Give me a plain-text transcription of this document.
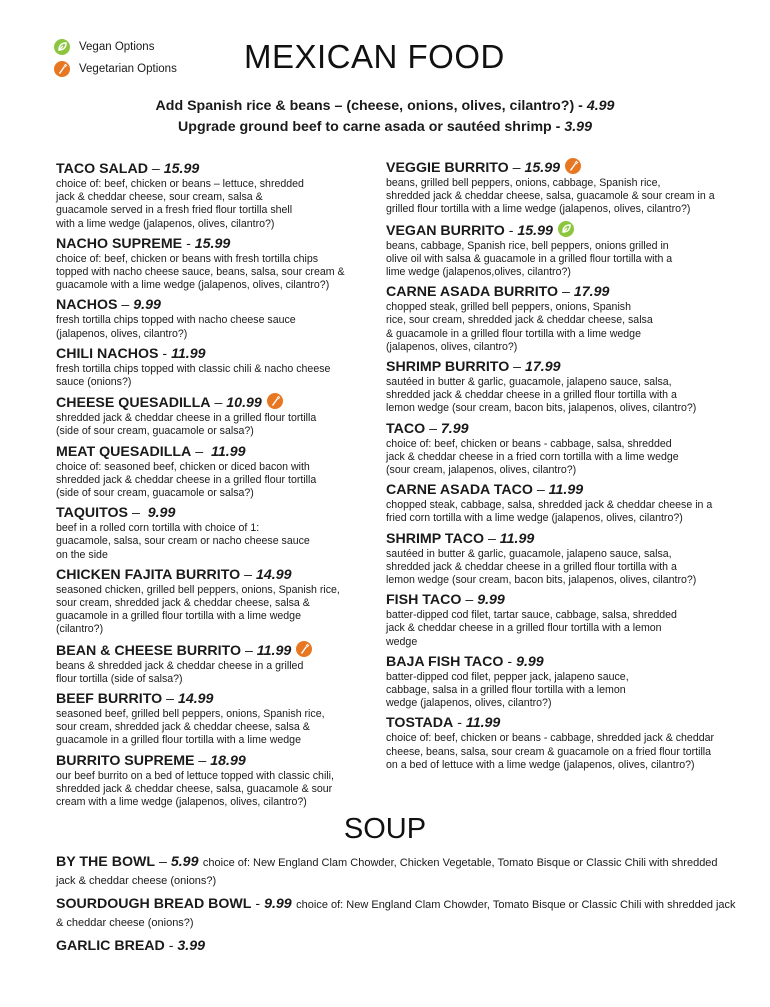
Vegan Options
Vegetarian Options MEXICAN FOOD
Add Spanish rice & beans – (cheese, onions, olives, cilantro?) - 4.99
Upgrade ground beef to carne asada or sautéed shrimp - 3.99
TACO SALAD – 15.99
choice of: beef, chicken or beans – lettuce, shredded
jack & cheddar cheese, sour cream, salsa &
guacamole served in a fresh fried flour tortilla shell
with a lime wedge (jalapenos, olives, cilantro?)
NACHO SUPREME - 15.99
choice of: beef, chicken or beans with fresh tortilla chips
topped with nacho cheese sauce, beans, salsa, sour cream &
guacamole with a lime wedge (jalapenos, olives, cilantro?)
NACHOS – 9.99
fresh tortilla chips topped with nacho cheese sauce
(jalapenos, olives, cilantro?)
CHILI NACHOS - 11.99
fresh tortilla chips topped with classic chili & nacho cheese
sauce (onions?)
CHEESE QUESADILLA – 10.99
shredded jack & cheddar cheese in a grilled flour tortilla
(side of sour cream, guacamole or salsa?)
MEAT QUESADILLA –  11.99
choice of: seasoned beef, chicken or diced bacon with
shredded jack & cheddar cheese in a grilled flour tortilla
(side of sour cream, guacamole or salsa?)
TAQUITOS –  9.99
beef in a rolled corn tortilla with choice of 1:
guacamole, salsa, sour cream or nacho cheese sauce
on the side
CHICKEN FAJITA BURRITO – 14.99
seasoned chicken, grilled bell peppers, onions, Spanish rice,
sour cream, shredded jack & cheddar cheese, salsa &
guacamole in a grilled flour tortilla with a lime wedge
(cilantro?)
BEAN & CHEESE BURRITO – 11.99
beans & shredded jack & cheddar cheese in a grilled
flour tortilla (side of salsa?)
BEEF BURRITO – 14.99
seasoned beef, grilled bell peppers, onions, Spanish rice,
sour cream, shredded jack & cheddar cheese, salsa &
guacamole in a grilled flour tortilla with a lime wedge
BURRITO SUPREME – 18.99
our beef burrito on a bed of lettuce topped with classic chili,
shredded jack & cheddar cheese, salsa, guacamole & sour
cream with a lime wedge (jalapenos, olives, cilantro?)
VEGGIE BURRITO – 15.99
beans, grilled bell peppers, onions, cabbage, Spanish rice,
shredded jack & cheddar cheese, salsa, guacamole & sour cream in a
grilled flour tortilla with a lime wedge (jalapenos, olives, cilantro?)
VEGAN BURRITO - 15.99
beans, cabbage, Spanish rice, bell peppers, onions grilled in
olive oil with salsa & guacamole in a grilled flour tortilla with a
lime wedge (jalapenos,olives, cilantro?)
CARNE ASADA BURRITO – 17.99
chopped steak, grilled bell peppers, onions, Spanish
rice, sour cream, shredded jack & cheddar cheese, salsa
& guacamole in a grilled flour tortilla with a lime wedge
(jalapenos, olives, cilantro?)
SHRIMP BURRITO – 17.99
sautéed in butter & garlic, guacamole, jalapeno sauce, salsa,
shredded jack & cheddar cheese in a grilled flour tortilla with a
lemon wedge (sour cream, bacon bits, jalapenos, olives, cilantro?)
TACO – 7.99
choice of: beef, chicken or beans - cabbage, salsa, shredded
jack & cheddar cheese in a fried corn tortilla with a lime wedge
(sour cream, jalapenos, olives, cilantro?)
CARNE ASADA TACO – 11.99
chopped steak, cabbage, salsa, shredded jack & cheddar cheese in a
fried corn tortilla with a lime wedge (jalapenos, olives, cilantro?)
SHRIMP TACO – 11.99
sautéed in butter & garlic, guacamole, jalapeno sauce, salsa,
shredded jack & cheddar cheese in a grilled flour tortilla with a
lemon wedge (sour cream, bacon bits, jalapenos, olives, cilantro?)
FISH TACO – 9.99
batter-dipped cod filet, tartar sauce, cabbage, salsa, shredded
jack & cheddar cheese in a grilled flour tortilla with a lemon
wedge
BAJA FISH TACO - 9.99
batter-dipped cod filet, pepper jack, jalapeno sauce,
cabbage, salsa in a grilled flour tortilla with a lemon
wedge (jalapenos, olives, cilantro?)
TOSTADA - 11.99
choice of: beef, chicken or beans - cabbage, shredded jack & cheddar
cheese, beans, salsa, sour cream & guacamole on a fried flour tortilla
on a bed of lettuce with a lime wedge (jalapenos, olives, cilantro?)
SOUP
BY THE BOWL – 5.99 choice of: New England Clam Chowder, Chicken Vegetable, Tomato Bisque or Classic Chili with shredded jack & cheddar cheese (onions?)
SOURDOUGH BREAD BOWL - 9.99 choice of: New England Clam Chowder, Tomato Bisque or Classic Chili with shredded jack & cheddar cheese (onions?)
GARLIC BREAD - 3.99
